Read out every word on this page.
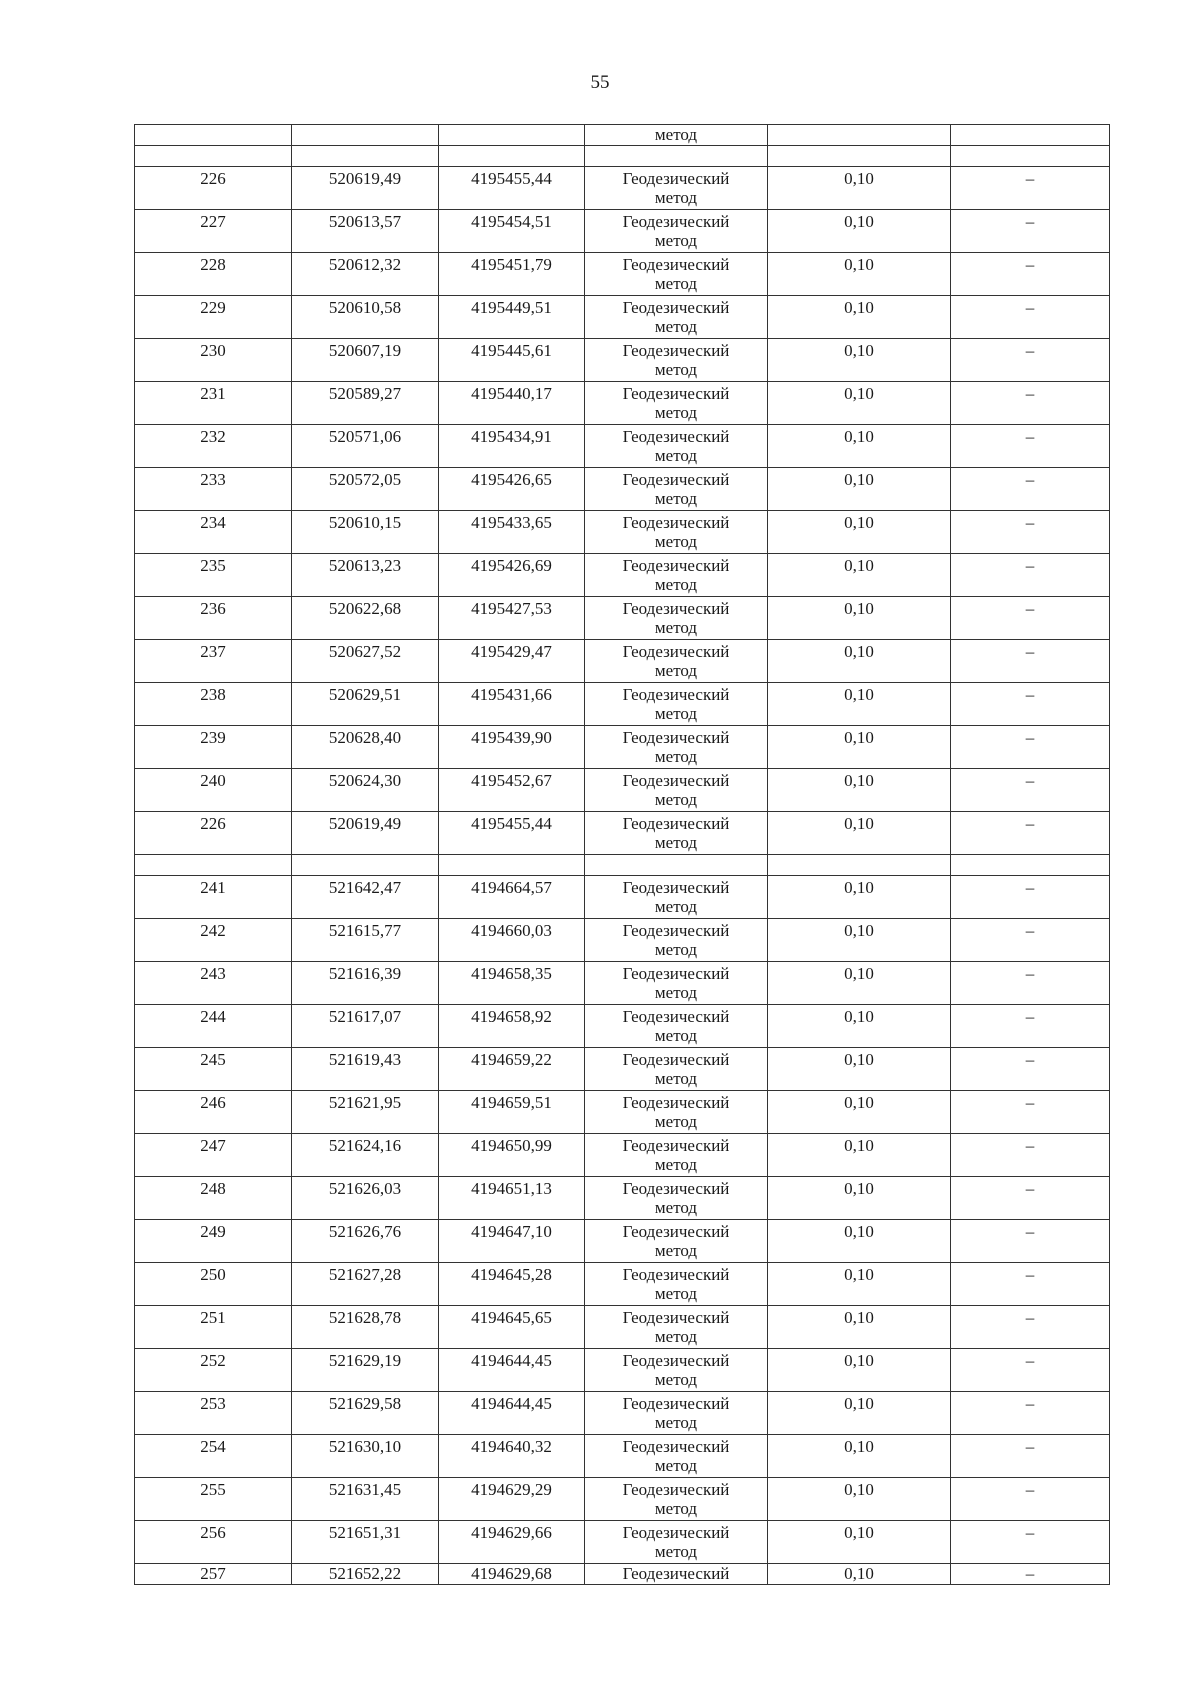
55
			метод		

226	520619,49	4195455,44	Геодезический
метод	0,10	–
227	520613,57	4195454,51	Геодезический
метод	0,10	–
228	520612,32	4195451,79	Геодезический
метод	0,10	–
229	520610,58	4195449,51	Геодезический
метод	0,10	–
230	520607,19	4195445,61	Геодезический
метод	0,10	–
231	520589,27	4195440,17	Геодезический
метод	0,10	–
232	520571,06	4195434,91	Геодезический
метод	0,10	–
233	520572,05	4195426,65	Геодезический
метод	0,10	–
234	520610,15	4195433,65	Геодезический
метод	0,10	–
235	520613,23	4195426,69	Геодезический
метод	0,10	–
236	520622,68	4195427,53	Геодезический
метод	0,10	–
237	520627,52	4195429,47	Геодезический
метод	0,10	–
238	520629,51	4195431,66	Геодезический
метод	0,10	–
239	520628,40	4195439,90	Геодезический
метод	0,10	–
240	520624,30	4195452,67	Геодезический
метод	0,10	–
226	520619,49	4195455,44	Геодезический
метод	0,10	–

241	521642,47	4194664,57	Геодезический
метод	0,10	–
242	521615,77	4194660,03	Геодезический
метод	0,10	–
243	521616,39	4194658,35	Геодезический
метод	0,10	–
244	521617,07	4194658,92	Геодезический
метод	0,10	–
245	521619,43	4194659,22	Геодезический
метод	0,10	–
246	521621,95	4194659,51	Геодезический
метод	0,10	–
247	521624,16	4194650,99	Геодезический
метод	0,10	–
248	521626,03	4194651,13	Геодезический
метод	0,10	–
249	521626,76	4194647,10	Геодезический
метод	0,10	–
250	521627,28	4194645,28	Геодезический
метод	0,10	–
251	521628,78	4194645,65	Геодезический
метод	0,10	–
252	521629,19	4194644,45	Геодезический
метод	0,10	–
253	521629,58	4194644,45	Геодезический
метод	0,10	–
254	521630,10	4194640,32	Геодезический
метод	0,10	–
255	521631,45	4194629,29	Геодезический
метод	0,10	–
256	521651,31	4194629,66	Геодезический
метод	0,10	–
257	521652,22	4194629,68	Геодезический	0,10	–
